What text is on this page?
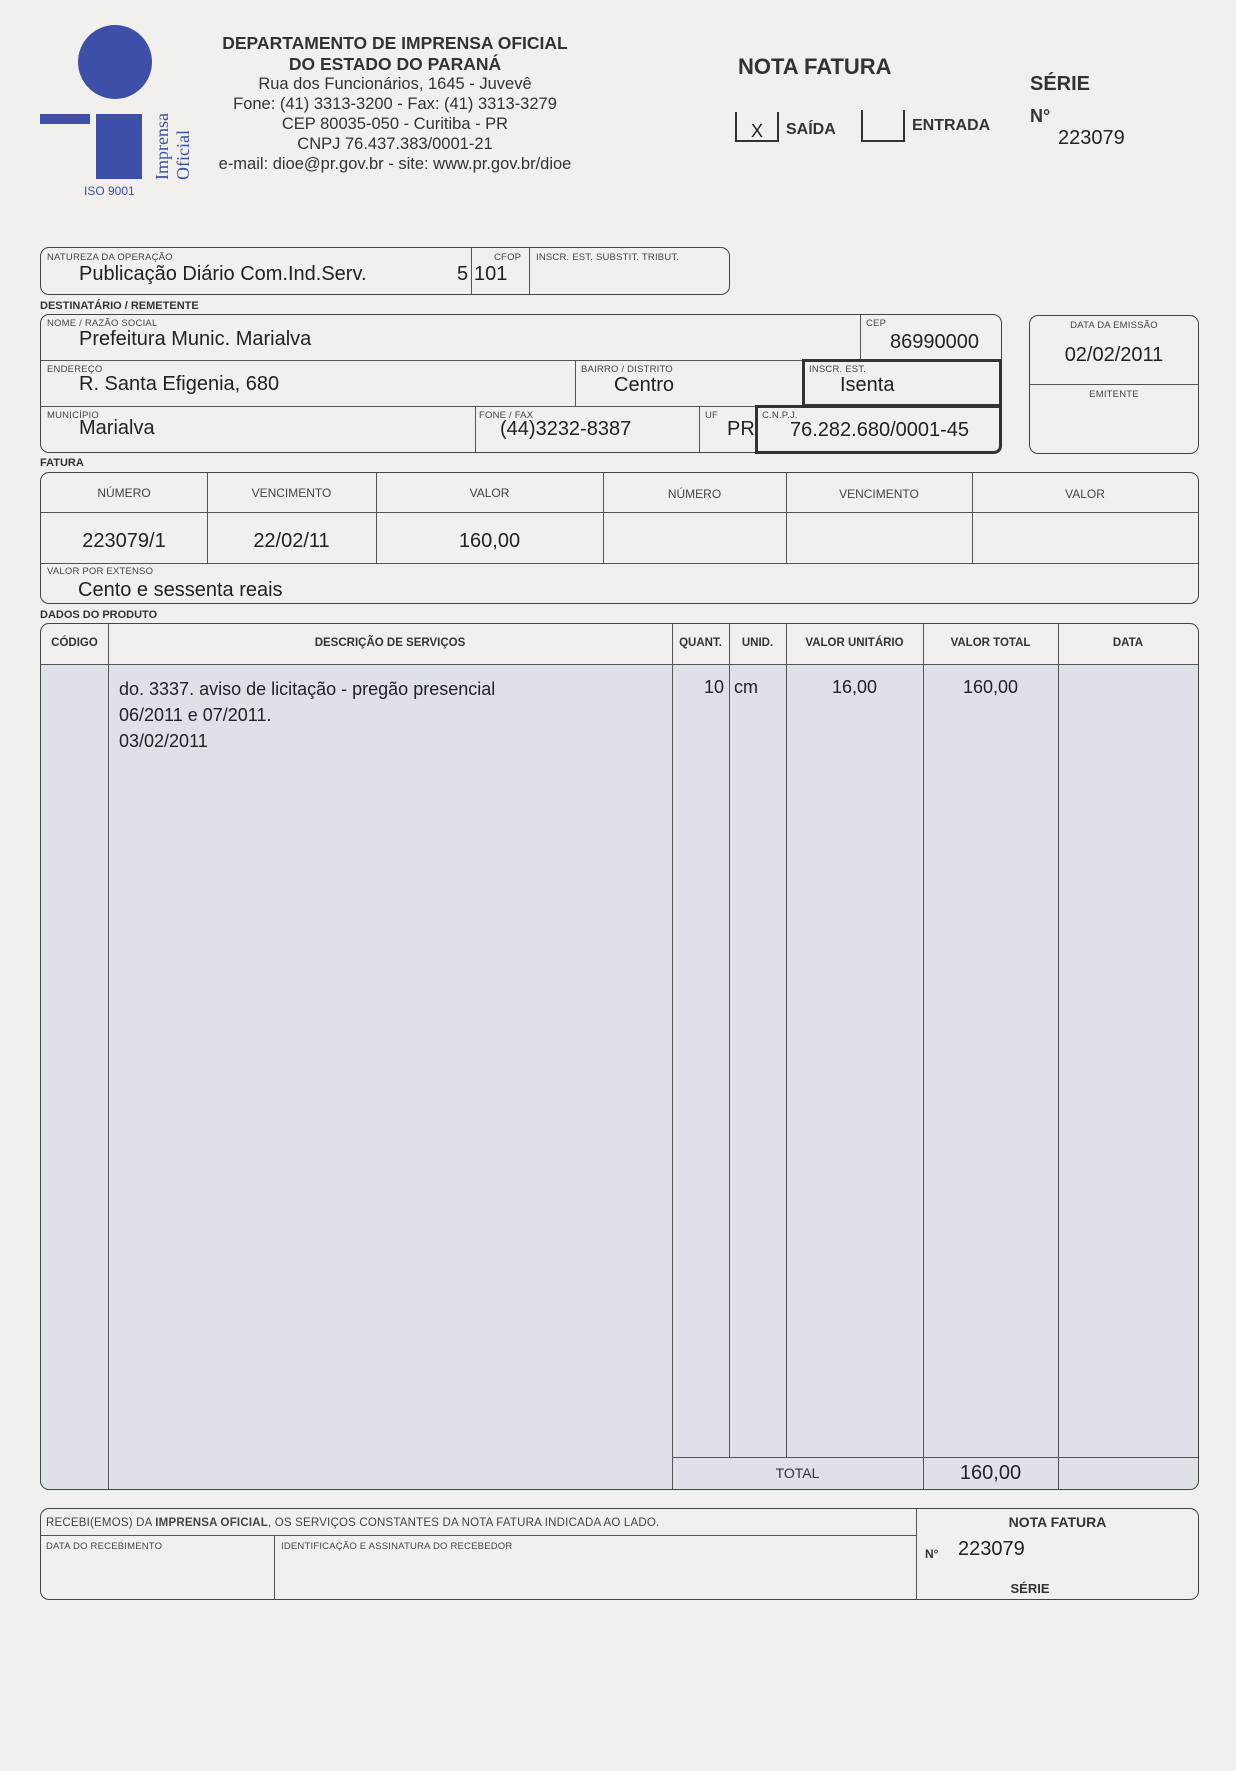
Imprensa Oficial
ISO 9001
DEPARTAMENTO DE IMPRENSA OFICIAL
DO ESTADO DO PARANÁ
Rua dos Funcionários, 1645 - Juvevê
Fone: (41) 3313-3200 - Fax: (41) 3313-3279
CEP 80035-050 - Curitiba - PR
CNPJ 76.437.383/0001-21
e-mail: dioe@pr.gov.br - site: www.pr.gov.br/dioe
NOTA FATURA
X SAÍDA	ENTRADA
SÉRIE
N°
223079
NATUREZA DA OPERAÇÃO
Publicação Diário Com.Ind.Serv.
CFOP
5 101
INSCR. EST. SUBSTIT. TRIBUT.
DESTINATÁRIO / REMETENTE
NOME / RAZÃO SOCIAL
Prefeitura Munic. Marialva
CEP
86990000
ENDEREÇO
R. Santa Efigenia, 680
BAIRRO / DISTRITO
Centro
INSCR. EST.
Isenta
MUNICÍPIO
Marialva
FONE / FAX
(44)3232-8387
UF
PR
C.N.P.J.
76.282.680/0001-45
DATA DA EMISSÃO
02/02/2011
EMITENTE
FATURA
NÚMERO	VENCIMENTO	VALOR	NÚMERO	VENCIMENTO	VALOR
223079/1	22/02/11	160,00
VALOR POR EXTENSO
Cento e sessenta reais
DADOS DO PRODUTO
CÓDIGO	DESCRIÇÃO DE SERVIÇOS	QUANT.	UNID.	VALOR UNITÁRIO	VALOR TOTAL	DATA
do. 3337. aviso de licitação - pregão presencial
06/2011 e 07/2011.
03/02/2011
10 cm	16,00	160,00
TOTAL	160,00
RECEBI(EMOS) DA IMPRENSA OFICIAL, OS SERVIÇOS CONSTANTES DA NOTA FATURA INDICADA AO LADO.
DATA DO RECEBIMENTO	IDENTIFICAÇÃO E ASSINATURA DO RECEBEDOR
NOTA FATURA
N° 223079
SÉRIE
